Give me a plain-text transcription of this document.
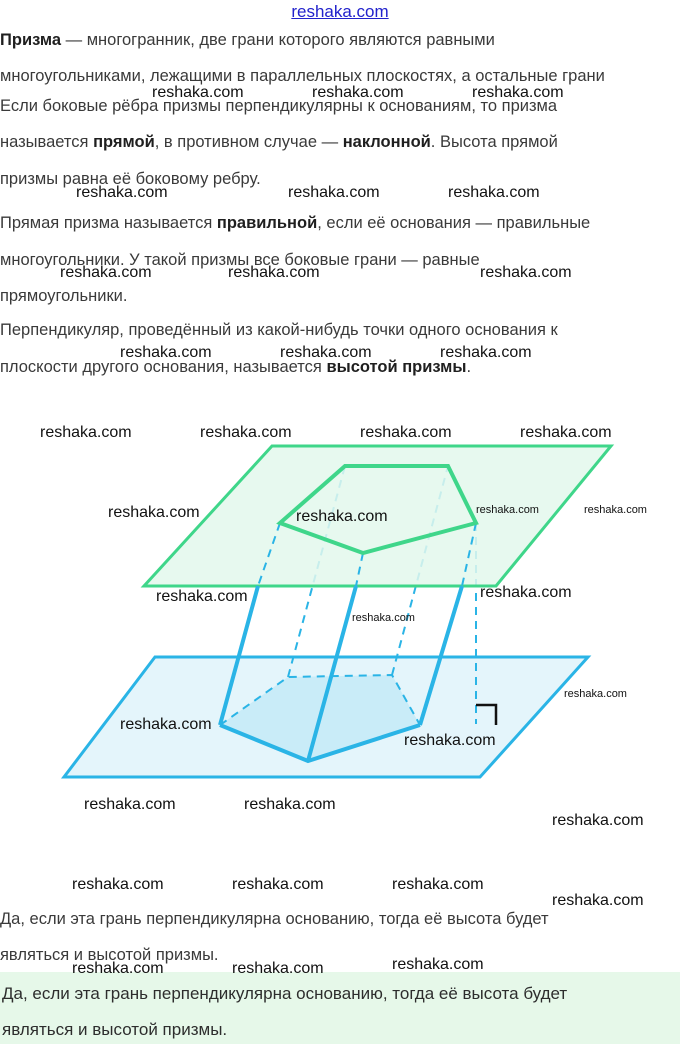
reshaka.com

Призма — многогранник, две грани которого являются равными

многоугольниками, лежащими в параллельных плоскостях, а остальные грани

Если боковые рёбра призмы перпендикулярны к основаниям, то призма

называется прямой, в противном случае — наклонной. Высота прямой

призмы равна её боковому ребру.

Прямая призма называется правильной, если её основания — правильные

многоугольники. У такой призмы все боковые грани — равные

прямоугольники.

Перпендикуляр, проведённый из какой-нибудь точки одного основания к

плоскости другого основания, называется высотой призмы.

Да, если эта грань перпендикулярна основанию, тогда её высота будет

являться и высотой призмы.

Да, если эта грань перпендикулярна основанию, тогда её высота будет
являться и высотой призмы.
reshaka.com	reshaka.com	reshaka.com
reshaka.com	reshaka.com	reshaka.com
reshaka.com	reshaka.com	reshaka.com
reshaka.com	reshaka.com	reshaka.com
reshaka.com	reshaka.com	reshaka.com	reshaka.com
reshaka.com	reshaka.com	reshaka.com	reshaka.com
reshaka.com	reshaka.com
reshaka.com
reshaka.com
reshaka.com
reshaka.com
reshaka.com	reshaka.com
reshaka.com
reshaka.com	reshaka.com	reshaka.com
reshaka.com
reshaka.com	reshaka.com	reshaka.com
